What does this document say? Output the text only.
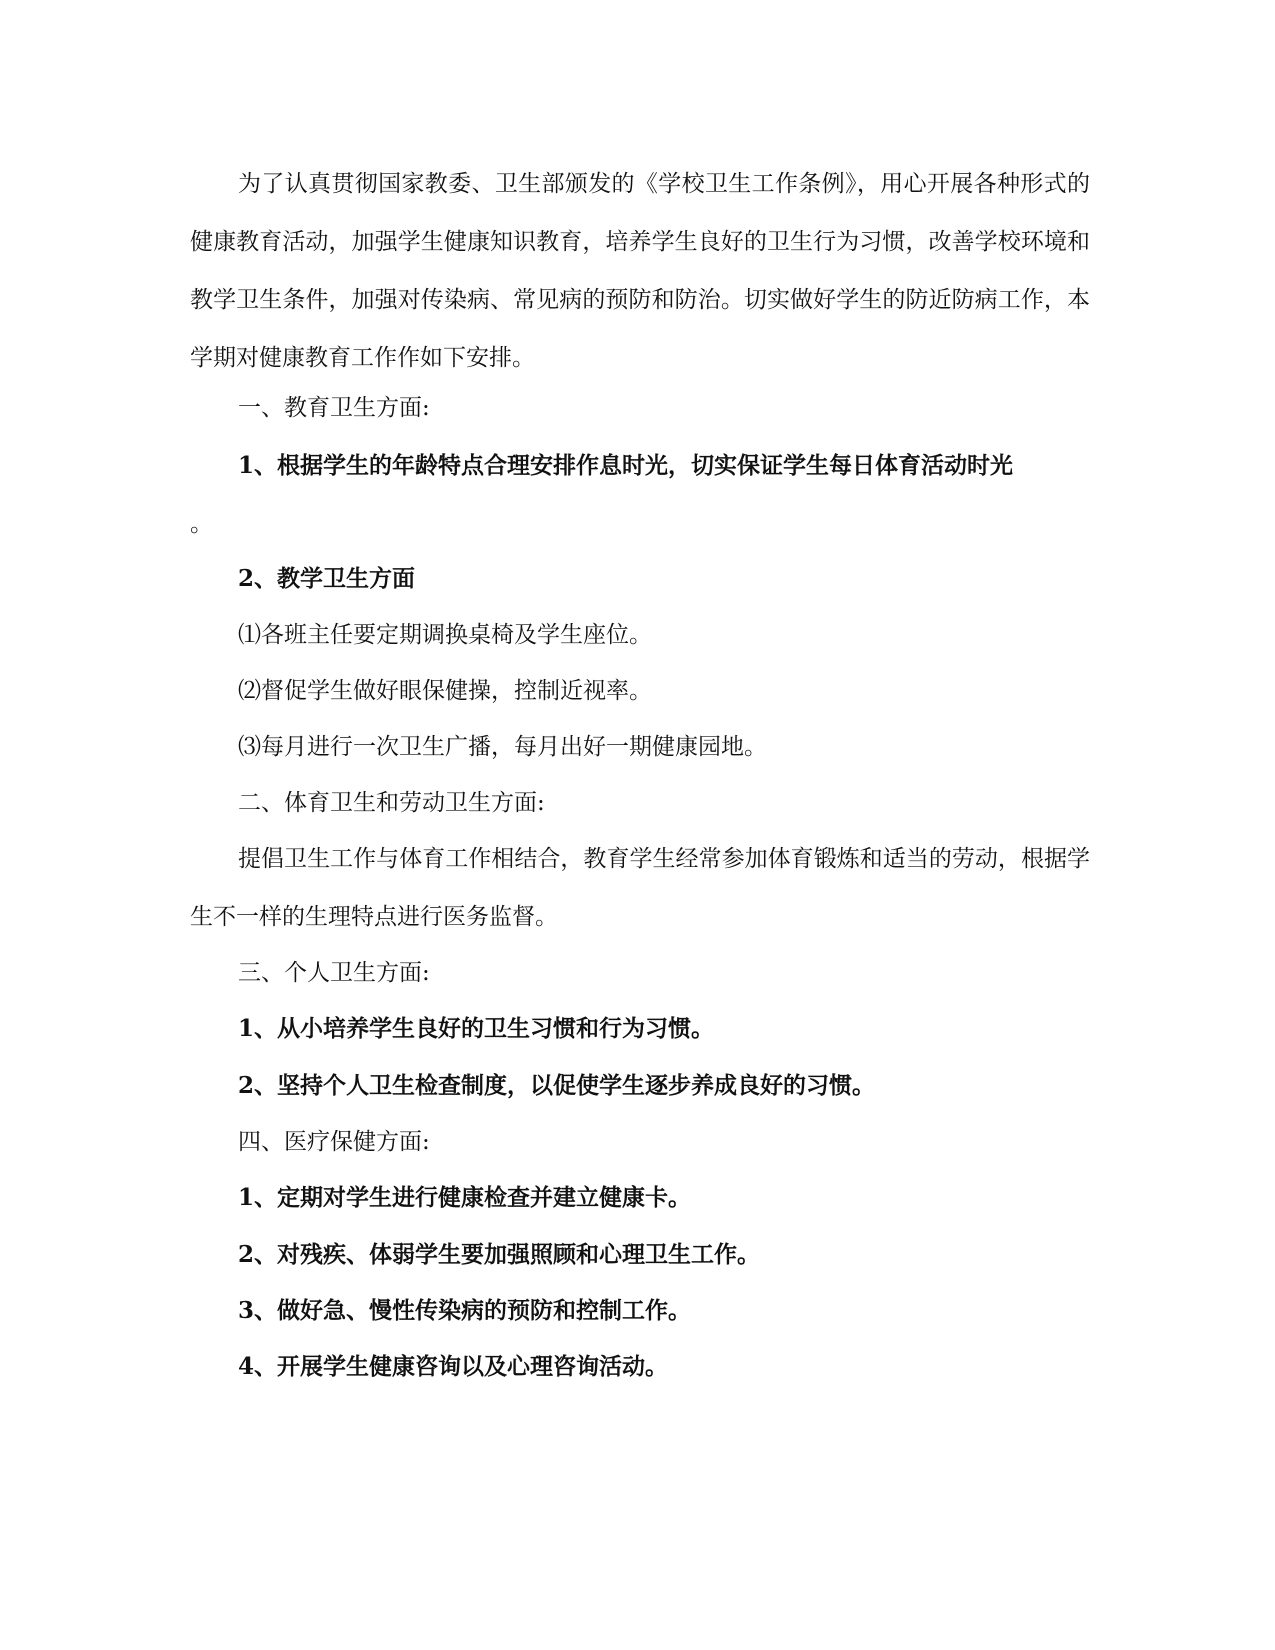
为了认真贯彻国家教委、卫生部颁发的《学校卫生工作条例》，用心开展各种形式的健康教育活动，加强学生健康知识教育，培养学生良好的卫生行为习惯，改善学校环境和教学卫生条件，加强对传染病、常见病的预防和防治。切实做好学生的防近防病工作，本学期对健康教育工作作如下安排。

一、教育卫生方面:

1、根据学生的年龄特点合理安排作息时光，切实保证学生每日体育活动时光

。

2、教学卫生方面

⑴各班主任要定期调换桌椅及学生座位。

⑵督促学生做好眼保健操，控制近视率。

⑶每月进行一次卫生广播，每月出好一期健康园地。

二、体育卫生和劳动卫生方面:

提倡卫生工作与体育工作相结合，教育学生经常参加体育锻炼和适当的劳动，根据学生不一样的生理特点进行医务监督。

三、个人卫生方面:

1、从小培养学生良好的卫生习惯和行为习惯。

2、坚持个人卫生检查制度，以促使学生逐步养成良好的习惯。

四、医疗保健方面:

1、定期对学生进行健康检查并建立健康卡。

2、对残疾、体弱学生要加强照顾和心理卫生工作。

3、做好急、慢性传染病的预防和控制工作。

4、开展学生健康咨询以及心理咨询活动。
